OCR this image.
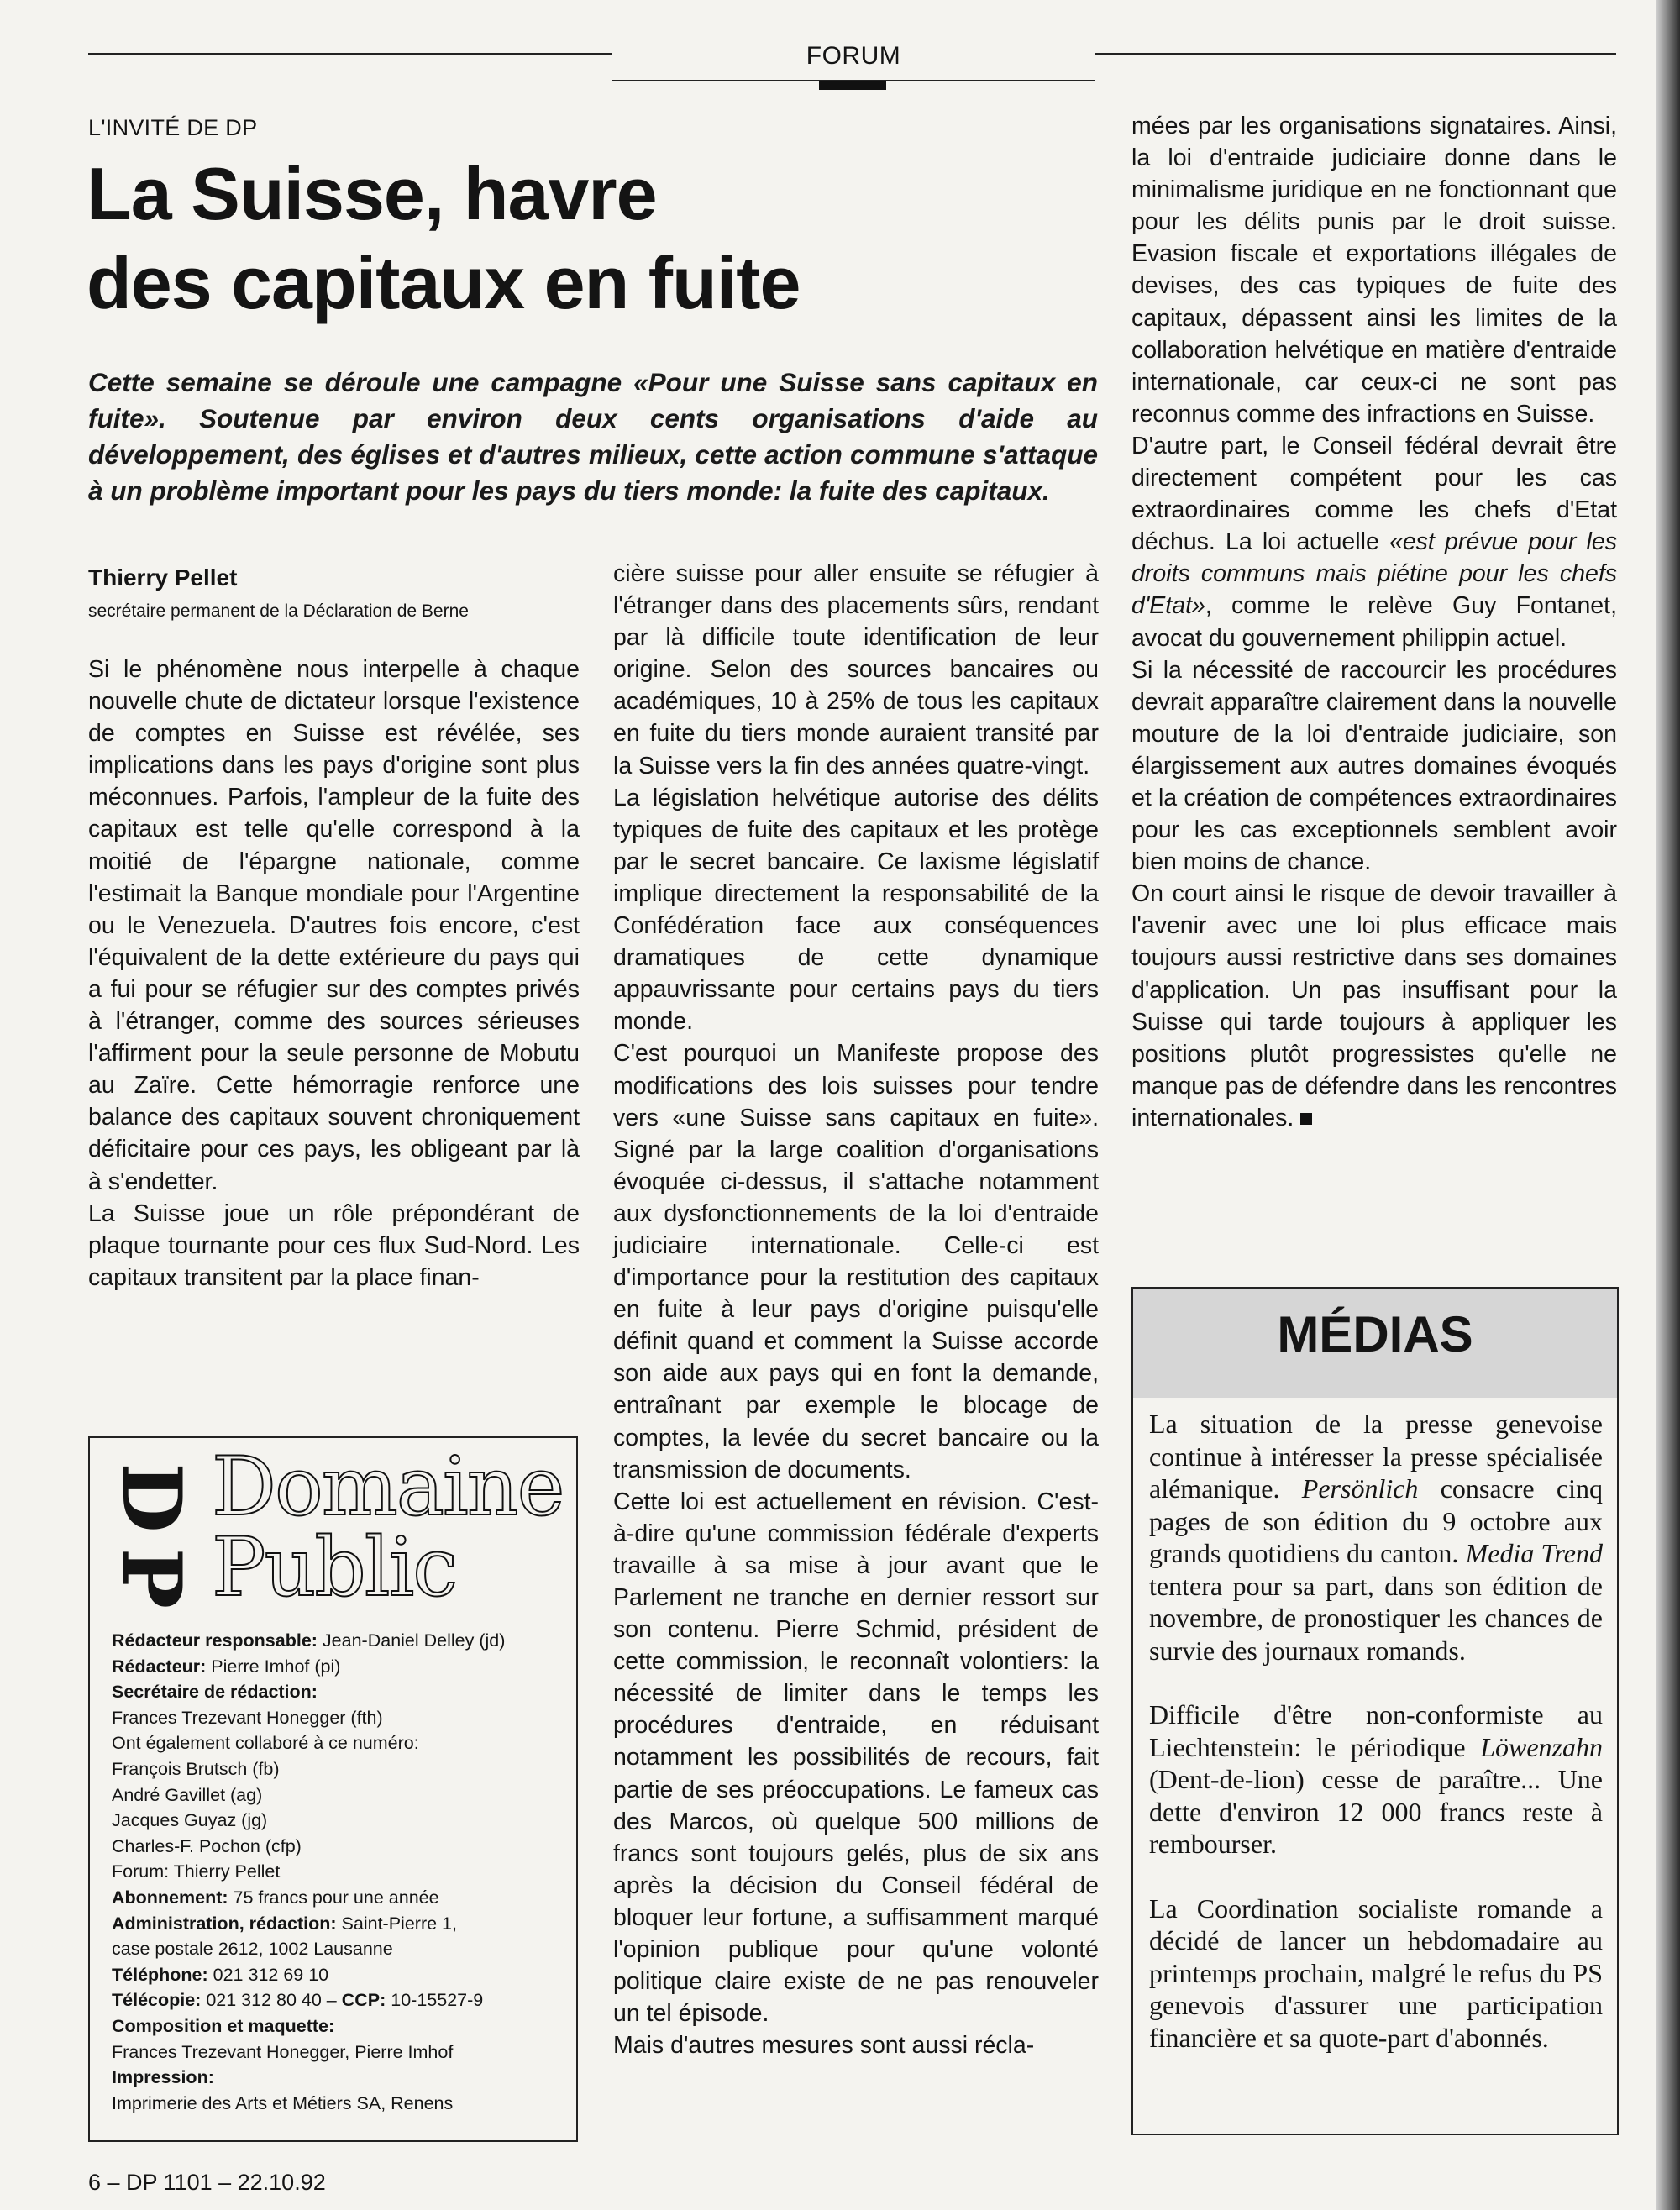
FORUM
L'INVITÉ DE DP
La Suisse, havre
des capitaux en fuite
Cette semaine se déroule une campagne «Pour une Suisse sans capitaux en fuite». Soutenue par environ deux cents organisations d'aide au développement, des églises et d'autres milieux, cette action commune s'attaque à un problème important pour les pays du tiers monde: la fuite des capitaux.
Thierry Pellet
secrétaire permanent de la Déclaration de Berne

Si le phénomène nous interpelle à chaque nouvelle chute de dictateur lorsque l'existence de comptes en Suisse est révélée, ses implications dans les pays d'origine sont plus méconnues. Parfois, l'ampleur de la fuite des capitaux est telle qu'elle correspond à la moitié de l'épargne nationale, comme l'estimait la Banque mondiale pour l'Argentine ou le Venezuela. D'autres fois encore, c'est l'équivalent de la dette extérieure du pays qui a fui pour se réfugier sur des comptes privés à l'étranger, comme des sources sérieuses l'affirment pour la seule personne de Mobutu au Zaïre. Cette hémorragie renforce une balance des capitaux souvent chroniquement déficitaire pour ces pays, les obligeant par là à s'endetter.

La Suisse joue un rôle prépondérant de plaque tournante pour ces flux Sud-Nord. Les capitaux transitent par la place finan-

cière suisse pour aller ensuite se réfugier à l'étranger dans des placements sûrs, rendant par là difficile toute identification de leur origine. Selon des sources bancaires ou académiques, 10 à 25% de tous les capitaux en fuite du tiers monde auraient transité par la Suisse vers la fin des années quatre-vingt.

La législation helvétique autorise des délits typiques de fuite des capitaux et les protège par le secret bancaire. Ce laxisme législatif implique directement la responsabilité de la Confédération face aux conséquences dramatiques de cette dynamique appauvrissante pour certains pays du tiers monde.

C'est pourquoi un Manifeste propose des modifications des lois suisses pour tendre vers «une Suisse sans capitaux en fuite». Signé par la large coalition d'organisations évoquée ci-dessus, il s'attache notamment aux dysfonctionnements de la loi d'entraide judiciaire internationale. Celle-ci est d'importance pour la restitution des capitaux en fuite à leur pays d'origine puisqu'elle définit quand et comment la Suisse accorde son aide aux pays qui en font la demande, entraînant par exemple le blocage de comptes, la levée du secret bancaire ou la transmission de documents.

Cette loi est actuellement en révision. C'est-à-dire qu'une commission fédérale d'experts travaille à sa mise à jour avant que le Parlement ne tranche en dernier ressort sur son contenu. Pierre Schmid, président de cette commission, le reconnaît volontiers: la nécessité de limiter dans le temps les procédures d'entraide, en réduisant notamment les possibilités de recours, fait partie de ses préoccupations. Le fameux cas des Marcos, où quelque 500 millions de francs sont toujours gelés, plus de six ans après la décision du Conseil fédéral de bloquer leur fortune, a suffisamment marqué l'opinion publique pour qu'une volonté politique claire existe de ne pas renouveler un tel épisode.

Mais d'autres mesures sont aussi récla-

mées par les organisations signataires. Ainsi, la loi d'entraide judiciaire donne dans le minimalisme juridique en ne fonctionnant que pour les délits punis par le droit suisse. Evasion fiscale et exportations illégales de devises, des cas typiques de fuite des capitaux, dépassent ainsi les limites de la collaboration helvétique en matière d'entraide internationale, car ceux-ci ne sont pas reconnus comme des infractions en Suisse.

D'autre part, le Conseil fédéral devrait être directement compétent pour les cas extraordinaires comme les chefs d'Etat déchus. La loi actuelle «est prévue pour les droits communs mais piétine pour les chefs d'Etat», comme le relève Guy Fontanet, avocat du gouvernement philippin actuel.

Si la nécessité de raccourcir les procédures devrait apparaître clairement dans la nouvelle mouture de la loi d'entraide judiciaire, son élargissement aux autres domaines évoqués et la création de compétences extraordinaires pour les cas exceptionnels semblent avoir bien moins de chance.

On court ainsi le risque de devoir travailler à l'avenir avec une loi plus efficace mais toujours aussi restrictive dans ses domaines d'application. Un pas insuffisant pour la Suisse qui tarde toujours à appliquer les positions plutôt progressistes qu'elle ne manque pas de défendre dans les rencontres internationales.

D
P
Domaine
Public
Rédacteur responsable: Jean-Daniel Delley (jd)
Rédacteur: Pierre Imhof (pi)
Secrétaire de rédaction:
Frances Trezevant Honegger (fth)
Ont également collaboré à ce numéro:
François Brutsch (fb)
André Gavillet (ag)
Jacques Guyaz (jg)
Charles-F. Pochon (cfp)
Forum: Thierry Pellet
Abonnement: 75 francs pour une année
Administration, rédaction: Saint-Pierre 1,
case postale 2612, 1002 Lausanne
Téléphone: 021 312 69 10
Télécopie: 021 312 80 40 – CCP: 10-15527-9
Composition et maquette:
Frances Trezevant Honegger, Pierre Imhof
Impression:
Imprimerie des Arts et Métiers SA, Renens
MÉDIAS

La situation de la presse genevoise continue à intéresser la presse spécialisée alémanique. Persönlich consacre cinq pages de son édition du 9 octobre aux grands quotidiens du canton. Media Trend tentera pour sa part, dans son édition de novembre, de pronostiquer les chances de survie des journaux romands.

Difficile d'être non-conformiste au Liechtenstein: le périodique Löwenzahn (Dent-de-lion) cesse de paraître... Une dette d'environ 12 000 francs reste à rembourser.

La Coordination socialiste romande a décidé de lancer un hebdomadaire au printemps prochain, malgré le refus du PS genevois d'assurer une participation financière et sa quote-part d'abonnés.

6 – DP 1101 – 22.10.92
